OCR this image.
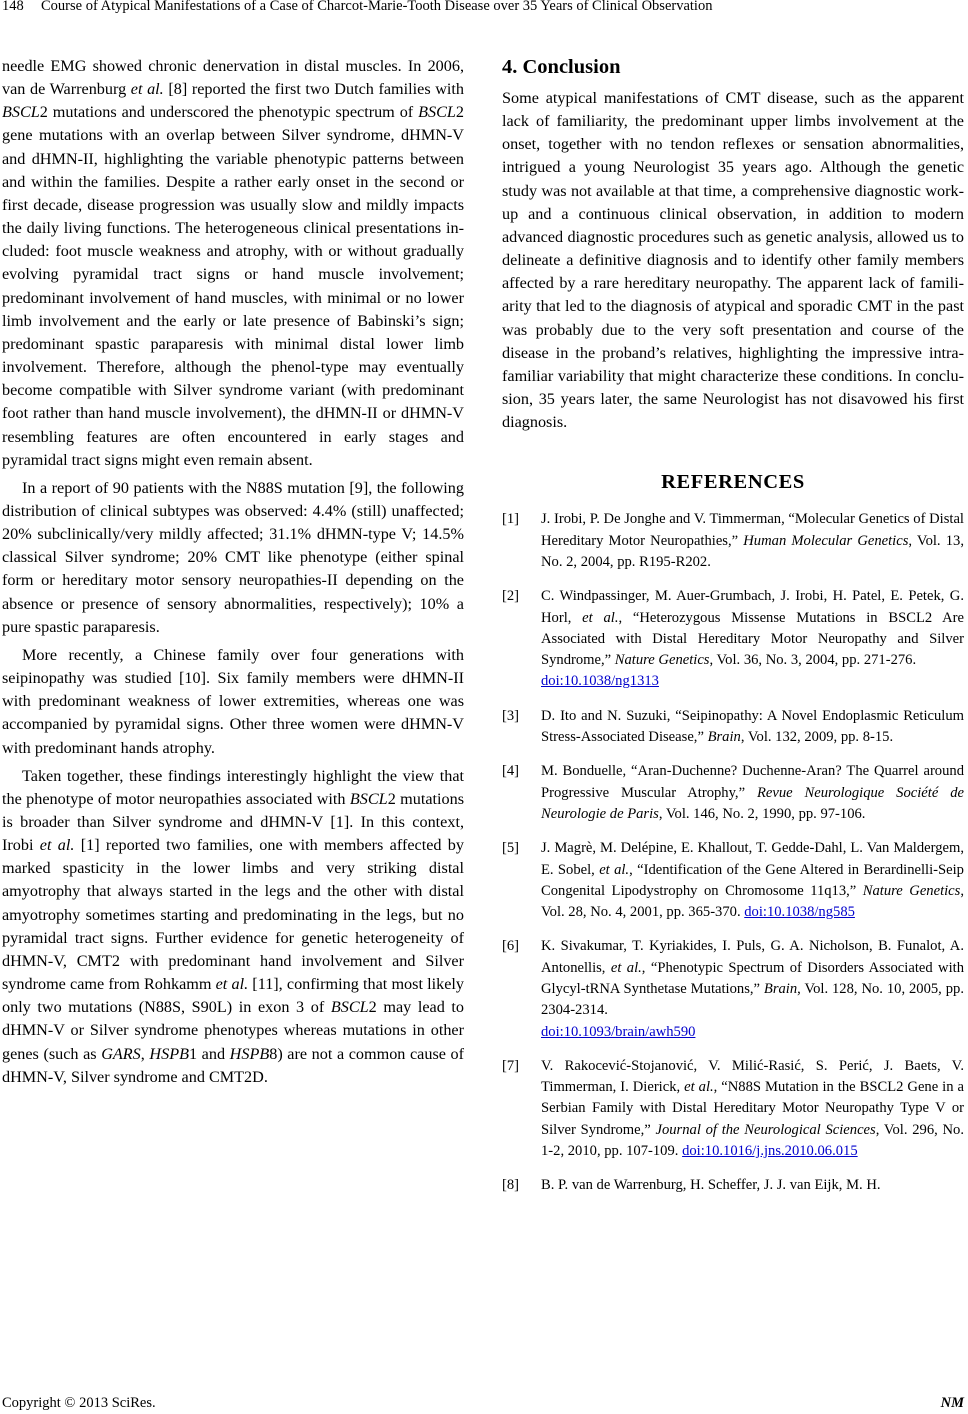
148 Course of Atypical Manifestations of a Case of Charcot-Marie-Tooth Disease over 35 Years of Clinical Observation

needle EMG showed chronic denervation in distal muscles. In 2006, van de Warrenburg et al. [8] reported the first two Dutch families with BSCL2 mutations and underscored the phenotypic spectrum of BSCL2 gene mutations with an overlap between Silver syndrome, dHMN-V and dHMN-II, highlighting the variable phenotypic patterns between and within the families. Despite a rather early onset in the second or first decade, disease progression was usually slow and mildly impacts the daily living functions. The heterogeneous clinical presentations included: foot muscle weakness and atrophy, with or without gradually evolving pyramidal tract signs or hand muscle involvement; predominant involvement of hand muscles, with minimal or no lower limb involvement and the early or late presence of Babinski’s sign; predominant spastic paraparesis with minimal distal lower limb involvement. Therefore, although the phenol-type may eventually become compatible with Silver syndrome variant (with predominant foot rather than hand muscle involvement), the dHMN-II or dHMN-V resembling features are often encountered in early stages and pyramidal tract signs might even remain absent.

In a report of 90 patients with the N88S mutation [9], the following distribution of clinical subtypes was observed: 4.4% (still) unaffected; 20% subclinically/very mildly affected; 31.1% dHMN-type V; 14.5% classical Silver syndrome; 20% CMT like phenotype (either spinal form or hereditary motor sensory neuropathies-II depending on the absence or presence of sensory abnormalities, respectively); 10% a pure spastic paraparesis.

More recently, a Chinese family over four generations with seipinopathy was studied [10]. Six family members were dHMN-II with predominant weakness of lower extremities, whereas one was accompanied by pyramidal signs. Other three women were dHMN-V with predominant hands atrophy.

Taken together, these findings interestingly highlight the view that the phenotype of motor neuropathies associated with BSCL2 mutations is broader than Silver syndrome and dHMN-V [1]. In this context, Irobi et al. [1] reported two families, one with members affected by marked spasticity in the lower limbs and very striking distal amyotrophy that always started in the legs and the other with distal amyotrophy sometimes starting and predominating in the legs, but no pyramidal tract signs. Further evidence for genetic heterogeneity of dHMN-V, CMT2 with predominant hand involvement and Silver syndrome came from Rohkamm et al. [11], confirming that most likely only two mutations (N88S, S90L) in exon 3 of BSCL2 may lead to dHMN-V or Silver syndrome phenotypes whereas mutations in other genes (such as GARS, HSPB1 and HSPB8) are not a common cause of dHMN-V, Silver syndrome and CMT2D.

4. Conclusion

Some atypical manifestations of CMT disease, such as the apparent lack of familiarity, the predominant upper limbs involvement at the onset, together with no tendon reflexes or sensation abnormalities, intrigued a young Neurologist 35 years ago. Although the genetic study was not available at that time, a comprehensive diagnostic work-up and a continuous clinical observation, in addition to modern advanced diagnostic procedures such as genetic analysis, allowed us to delineate a definitive diagnosis and to identify other family members affected by a rare hereditary neuropathy. The apparent lack of familiarity that led to the diagnosis of atypical and sporadic CMT in the past was probably due to the very soft presentation and course of the disease in the proband’s relatives, highlighting the impressive intra-familiar variability that might characterize these conditions. In conclusion, 35 years later, the same Neurologist has not disavowed his first diagnosis.

REFERENCES
[1]	J. Irobi, P. De Jonghe and V. Timmerman, “Molecular Genetics of Distal Hereditary Motor Neuropathies,” Human Molecular Genetics, Vol. 13, No. 2, 2004, pp. R195-R202.
[2]	C. Windpassinger, M. Auer-Grumbach, J. Irobi, H. Patel, E. Petek, G. Horl, et al., “Heterozygous Missense Mutations in BSCL2 Are Associated with Distal Hereditary Motor Neuropathy and Silver Syndrome,” Nature Genetics, Vol. 36, No. 3, 2004, pp. 271-276.
doi:10.1038/ng1313
[3]	D. Ito and N. Suzuki, “Seipinopathy: A Novel Endoplasmic Reticulum Stress-Associated Disease,” Brain, Vol. 132, 2009, pp. 8-15.
[4]	M. Bonduelle, “Aran-Duchenne? Duchenne-Aran? The Quarrel around Progressive Muscular Atrophy,” Revue Neurologique Société de Neurologie de Paris, Vol. 146, No. 2, 1990, pp. 97-106.
[5]	J. Magrè, M. Delépine, E. Khallout, T. Gedde-Dahl, L. Van Maldergem, E. Sobel, et al., “Identification of the Gene Altered in Berardinelli-Seip Congenital Lipodystrophy on Chromosome 11q13,” Nature Genetics, Vol. 28, No. 4, 2001, pp. 365-370. doi:10.1038/ng585
[6]	K. Sivakumar, T. Kyriakides, I. Puls, G. A. Nicholson, B. Funalot, A. Antonellis, et al., “Phenotypic Spectrum of Disorders Associated with Glycyl-tRNA Synthetase Mutations,” Brain, Vol. 128, No. 10, 2005, pp. 2304-2314.
doi:10.1093/brain/awh590
[7]	V. Rakocević-Stojanović, V. Milić-Rasić, S. Perić, J. Baets, V. Timmerman, I. Dierick, et al., “N88S Mutation in the BSCL2 Gene in a Serbian Family with Distal Hereditary Motor Neuropathy Type V or Silver Syndrome,” Journal of the Neurological Sciences, Vol. 296, No. 1-2, 2010, pp. 107-109. doi:10.1016/j.jns.2010.06.015
[8]	B. P. van de Warrenburg, H. Scheffer, J. J. van Eijk, M. H.
Copyright © 2013 SciRes.	NM
